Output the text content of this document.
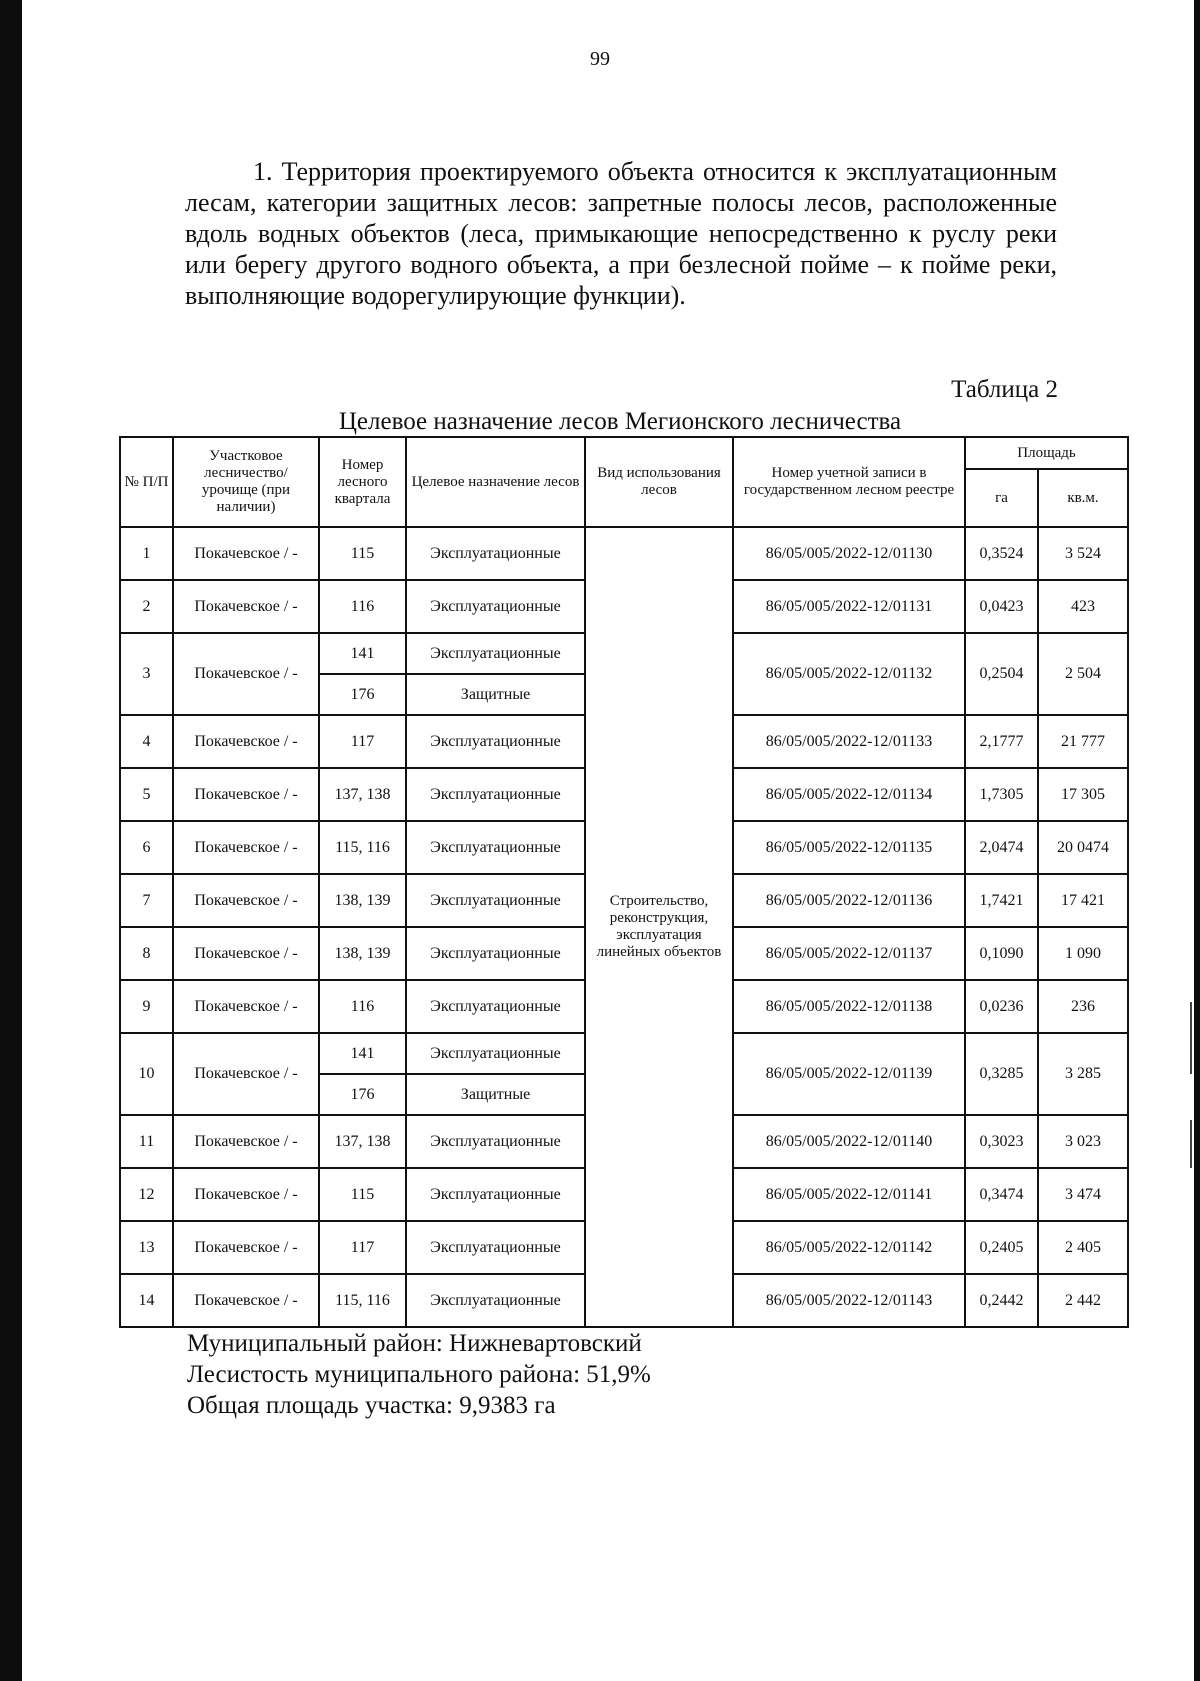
99

1. Территория проектируемого объекта относится к эксплуатационным лесам, категории защитных лесов: запретные полосы лесов, расположенные вдоль водных объектов (леса, примыкающие непосредственно к руслу реки или берегу другого водного объекта, а при безлесной пойме – к пойме реки, выполняющие водорегулирующие функции).

Таблица 2
Целевое назначение лесов Мегионского лесничества
№ П/П	Участковое лесничество/ урочище (при наличии)	Номер лесного квартала	Целевое назначение лесов	Вид использования лесов	Номер учетной записи в государственном лесном реестре	Площадь	
						га	кв.м.
1	Покачевское / -	115	Эксплуатационные	Строительство, реконструкция, эксплуатация линейных объектов	86/05/005/2022-12/01130	0,3524	3 524
2	Покачевское / -	116	Эксплуатационные		86/05/005/2022-12/01131	0,0423	423
3	Покачевское / -	141	Эксплуатационные		86/05/005/2022-12/01132	0,2504	2 504
		176	Защитные				
4	Покачевское / -	117	Эксплуатационные		86/05/005/2022-12/01133	2,1777	21 777
5	Покачевское / -	137, 138	Эксплуатационные		86/05/005/2022-12/01134	1,7305	17 305
6	Покачевское / -	115, 116	Эксплуатационные		86/05/005/2022-12/01135	2,0474	20 0474
7	Покачевское / -	138, 139	Эксплуатационные		86/05/005/2022-12/01136	1,7421	17 421
8	Покачевское / -	138, 139	Эксплуатационные		86/05/005/2022-12/01137	0,1090	1 090
9	Покачевское / -	116	Эксплуатационные		86/05/005/2022-12/01138	0,0236	236
10	Покачевское / -	141	Эксплуатационные		86/05/005/2022-12/01139	0,3285	3 285
		176	Защитные				
11	Покачевское / -	137, 138	Эксплуатационные		86/05/005/2022-12/01140	0,3023	3 023
12	Покачевское / -	115	Эксплуатационные		86/05/005/2022-12/01141	0,3474	3 474
13	Покачевское / -	117	Эксплуатационные		86/05/005/2022-12/01142	0,2405	2 405
14	Покачевское / -	115, 116	Эксплуатационные		86/05/005/2022-12/01143	0,2442	2 442
Муниципальный район: Нижневартовский
Лесистость муниципального района: 51,9%
Общая площадь участка: 9,9383 га
